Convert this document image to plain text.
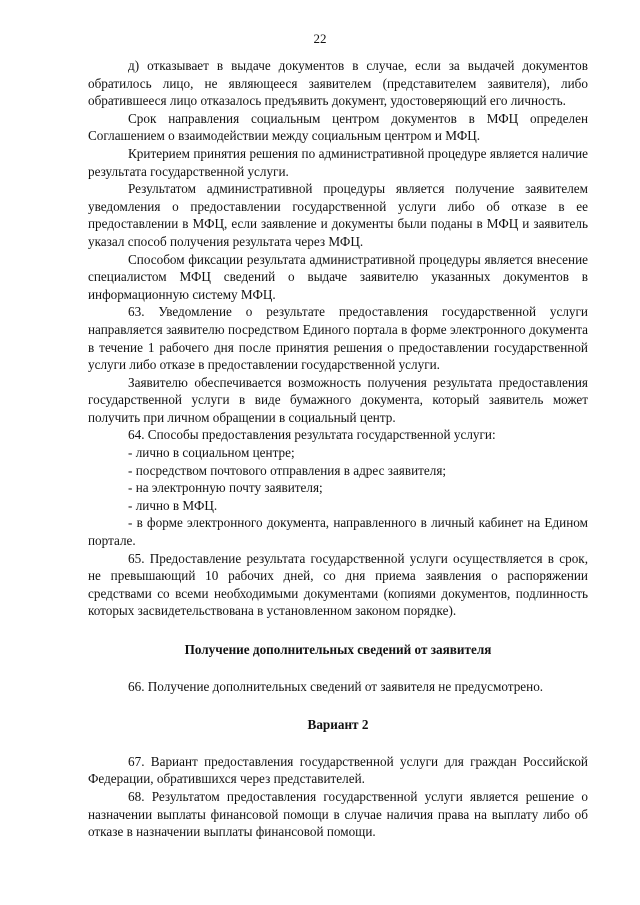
22

д) отказывает в выдаче документов в случае, если за выдачей документов обратилось лицо, не являющееся заявителем (представителем заявителя), либо обратившееся лицо отказалось предъявить документ, удостоверяющий его личность.

Срок направления социальным центром документов в МФЦ определен Соглашением о взаимодействии между социальным центром и МФЦ.

Критерием принятия решения по административной процедуре является наличие результата государственной услуги.

Результатом административной процедуры является получение заявителем уведомления о предоставлении государственной услуги либо об отказе в ее предоставлении в МФЦ, если заявление и документы были поданы в МФЦ и заявитель указал способ получения результата через МФЦ.

Способом фиксации результата административной процедуры является внесение специалистом МФЦ сведений о выдаче заявителю указанных документов в информационную систему МФЦ.

63. Уведомление о результате предоставления государственной услуги направляется заявителю посредством Единого портала в форме электронного документа в течение 1 рабочего дня после принятия решения о предоставлении государственной услуги либо отказе в предоставлении государственной услуги.

Заявителю обеспечивается возможность получения результата предоставления государственной услуги в виде бумажного документа, который заявитель может получить при личном обращении в социальный центр.

64. Способы предоставления результата государственной услуги:

- лично в социальном центре;

- посредством почтового отправления в адрес заявителя;

- на электронную почту заявителя;

- лично в МФЦ.

- в форме электронного документа, направленного в личный кабинет на Едином портале.

65. Предоставление результата государственной услуги осуществляется в срок, не превышающий 10 рабочих дней, со дня приема заявления о распоряжении средствами со всеми необходимыми документами (копиями документов, подлинность которых засвидетельствована в установленном законом порядке).

Получение дополнительных сведений от заявителя

66. Получение дополнительных сведений от заявителя не предусмотрено.

Вариант 2

67. Вариант предоставления государственной услуги для граждан Российской Федерации, обратившихся через представителей.

68. Результатом предоставления государственной услуги является решение о назначении выплаты финансовой помощи в случае наличия права на выплату либо об отказе в назначении выплаты финансовой помощи.
